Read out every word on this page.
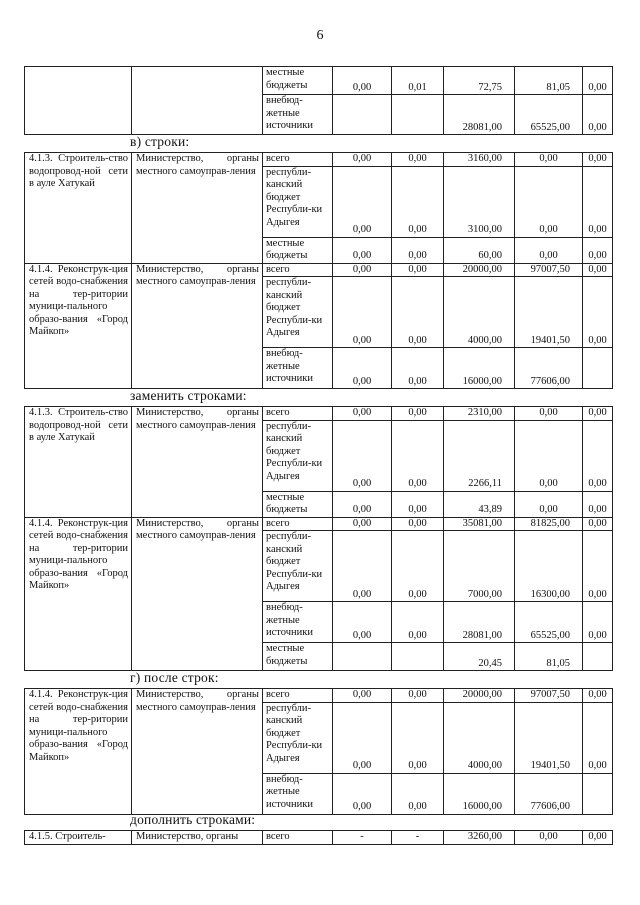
6
		местные бюджеты	0,00	0,01	72,75	81,05	0,00
		внебюд-жетные источники			28081,00	65525,00	0,00
в) строки:
4.1.3. Строитель-ство водопровод-ной сети в ауле Хатукай	Министерство, органы местного самоуправ-ления	всего	0,00	0,00	3160,00	0,00	0,00
		республи-канский бюджет Республи-ки Адыгея	0,00	0,00	3100,00	0,00	0,00
		местные бюджеты	0,00	0,00	60,00	0,00	0,00
4.1.4. Реконструк-ция сетей водо-снабжения на тер-ритории муници-пального образо-вания «Город Майкоп»	Министерство, органы местного самоуправ-ления	всего	0,00	0,00	20000,00	97007,50	0,00
		республи-канский бюджет Республи-ки Адыгея	0,00	0,00	4000,00	19401,50	0,00
		внебюд-жетные источники	0,00	0,00	16000,00	77606,00	
заменить строками:
4.1.3. Строитель-ство водопровод-ной сети в ауле Хатукай	Министерство, органы местного самоуправ-ления	всего	0,00	0,00	2310,00	0,00	0,00
		республи-канский бюджет Республи-ки Адыгея	0,00	0,00	2266,11	0,00	0,00
		местные бюджеты	0,00	0,00	43,89	0,00	0,00
4.1.4. Реконструк-ция сетей водо-снабжения на тер-ритории муници-пального образо-вания «Город Майкоп»	Министерство, органы местного самоуправ-ления	всего	0,00	0,00	35081,00	81825,00	0,00
		республи-канский бюджет Республи-ки Адыгея	0,00	0,00	7000,00	16300,00	0,00
		внебюд-жетные источники	0,00	0,00	28081,00	65525,00	0,00
		местные бюджеты			20,45	81,05	
г) после строк:
4.1.4. Реконструк-ция сетей водо-снабжения на тер-ритории муници-пального образо-вания «Город Майкоп»	Министерство, органы местного самоуправ-ления	всего	0,00	0,00	20000,00	97007,50	0,00
		республи-канский бюджет Республи-ки Адыгея	0,00	0,00	4000,00	19401,50	0,00
		внебюд-жетные источники	0,00	0,00	16000,00	77606,00	
дополнить строками:
4.1.5. Строитель-	Министерство, органы	всего	-	-	3260,00	0,00	0,00
